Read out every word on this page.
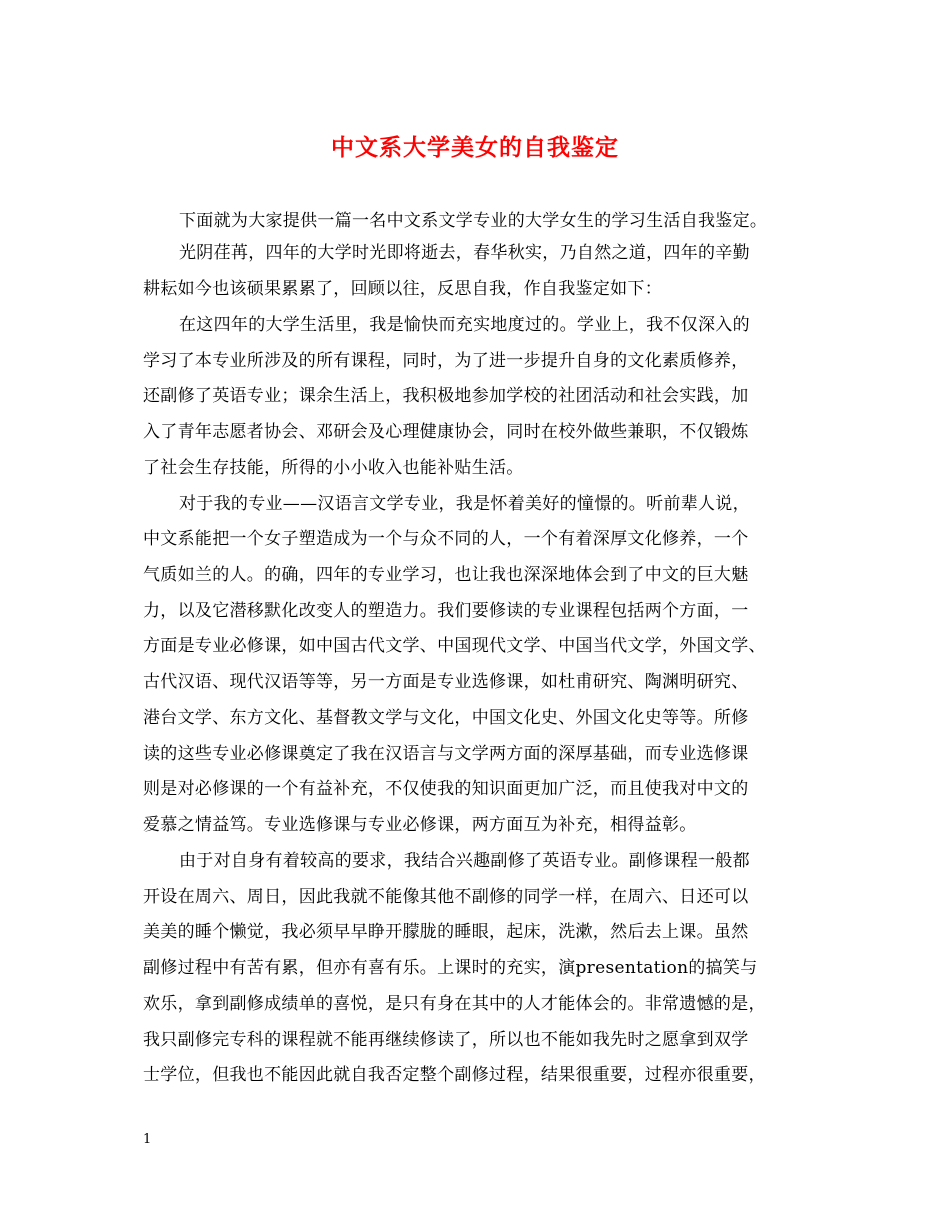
中文系大学美女的自我鉴定
下面就为大家提供一篇一名中文系文学专业的大学女生的学习生活自我鉴定。
光阴荏苒，四年的大学时光即将逝去，春华秋实，乃自然之道，四年的辛勤
耕耘如今也该硕果累累了，回顾以往，反思自我，作自我鉴定如下：
在这四年的大学生活里，我是愉快而充实地度过的。学业上，我不仅深入的
学习了本专业所涉及的所有课程，同时，为了进一步提升自身的文化素质修养，
还副修了英语专业；课余生活上，我积极地参加学校的社团活动和社会实践，加
入了青年志愿者协会、邓研会及心理健康协会，同时在校外做些兼职，不仅锻炼
了社会生存技能，所得的小小收入也能补贴生活。
对于我的专业——汉语言文学专业，我是怀着美好的憧憬的。听前辈人说，
中文系能把一个女子塑造成为一个与众不同的人，一个有着深厚文化修养，一个
气质如兰的人。的确，四年的专业学习，也让我也深深地体会到了中文的巨大魅
力，以及它潜移默化改变人的塑造力。我们要修读的专业课程包括两个方面，一
方面是专业必修课，如中国古代文学、中国现代文学、中国当代文学，外国文学、
古代汉语、现代汉语等等，另一方面是专业选修课，如杜甫研究、陶渊明研究、
港台文学、东方文化、基督教文学与文化，中国文化史、外国文化史等等。所修
读的这些专业必修课奠定了我在汉语言与文学两方面的深厚基础，而专业选修课
则是对必修课的一个有益补充，不仅使我的知识面更加广泛，而且使我对中文的
爱慕之情益笃。专业选修课与专业必修课，两方面互为补充，相得益彰。
由于对自身有着较高的要求，我结合兴趣副修了英语专业。副修课程一般都
开设在周六、周日，因此我就不能像其他不副修的同学一样，在周六、日还可以
美美的睡个懒觉，我必须早早睁开朦胧的睡眼，起床，洗漱，然后去上课。虽然
副修过程中有苦有累，但亦有喜有乐。上课时的充实，演presentation的搞笑与
欢乐，拿到副修成绩单的喜悦，是只有身在其中的人才能体会的。非常遗憾的是，
我只副修完专科的课程就不能再继续修读了，所以也不能如我先时之愿拿到双学
士学位，但我也不能因此就自我否定整个副修过程，结果很重要，过程亦很重要，
1
